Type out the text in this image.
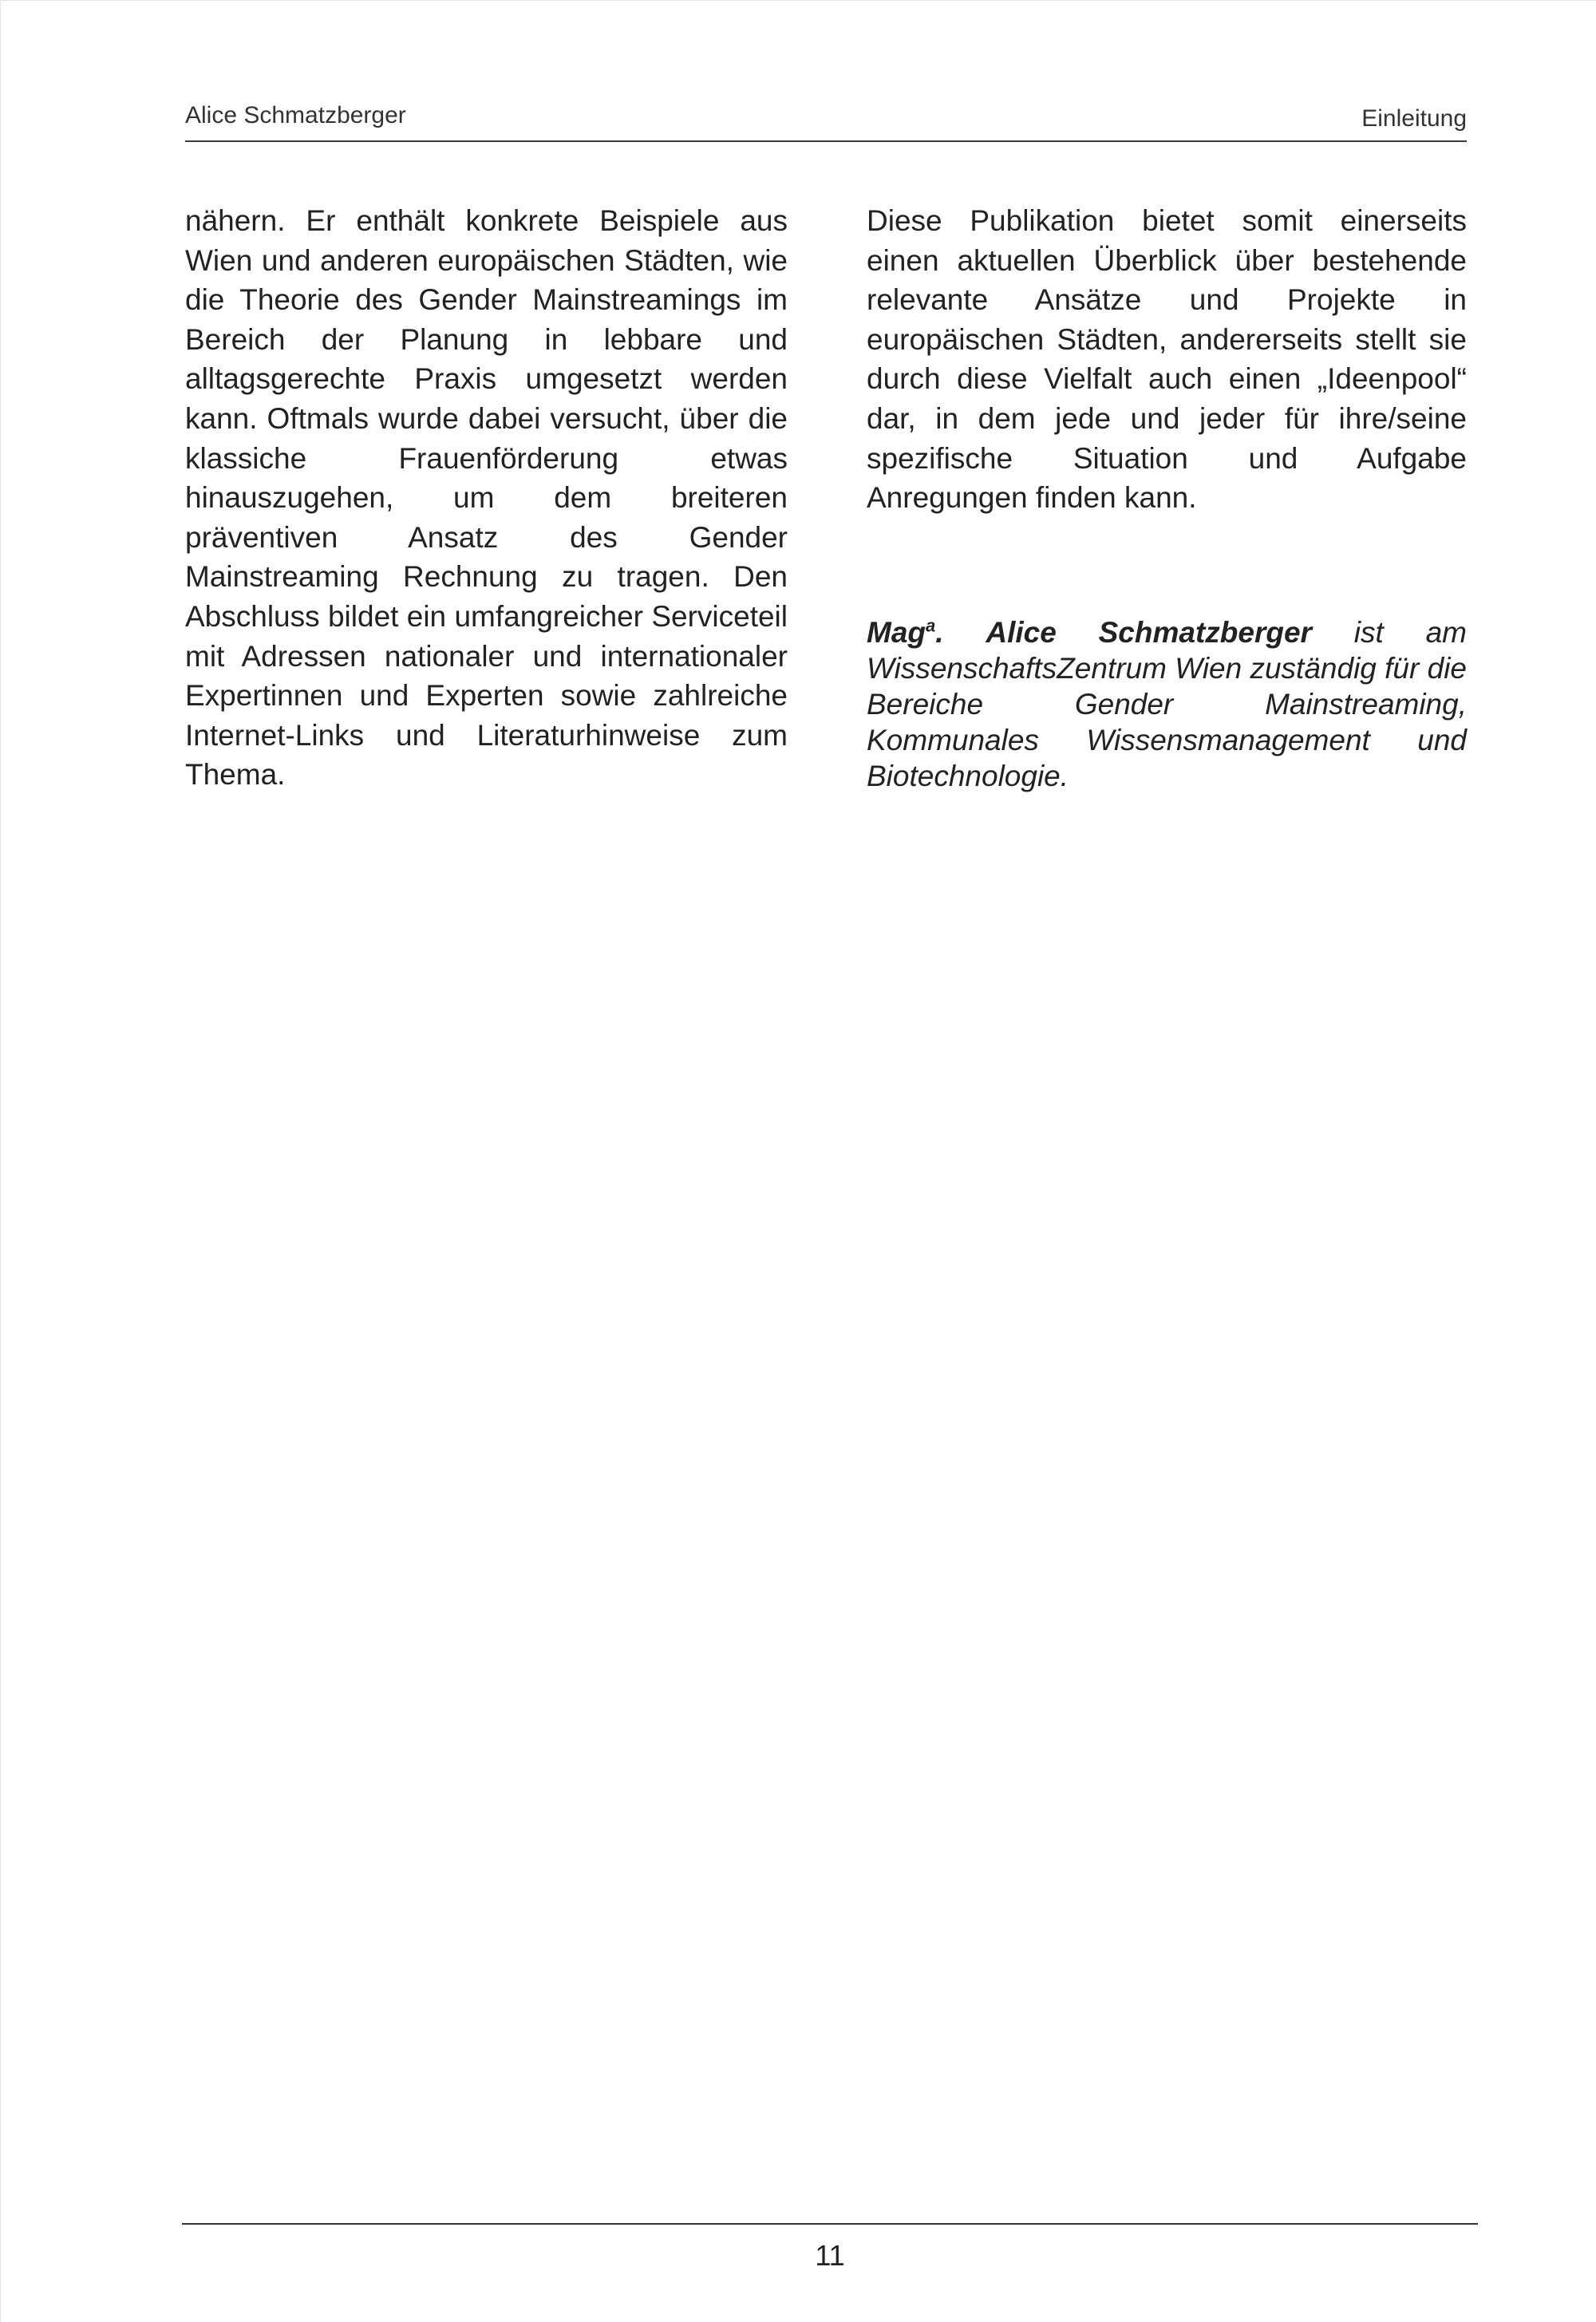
Alice Schmatzberger	Einleitung

nähern. Er enthält konkrete Beispiele aus Wien und anderen europäischen Städten, wie die Theorie des Gender Mainstreamings im Bereich der Planung in lebbare und alltagsgerechte Praxis umgesetzt werden kann. Oftmals wurde dabei versucht, über die klassiche Frauenförderung etwas hinauszugehen, um dem breiteren präventiven Ansatz des Gender Mainstreaming Rechnung zu tragen. Den Abschluss bildet ein umfangreicher Serviceteil mit Adressen nationaler und internationaler Expertinnen und Experten sowie zahlreiche Internet-Links und Literaturhinweise zum Thema.

Diese Publikation bietet somit einerseits einen aktuellen Überblick über bestehende relevante Ansätze und Projekte in europäischen Städten, andererseits stellt sie durch diese Vielfalt auch einen „Ideenpool“ dar, in dem jede und jeder für ihre/seine spezifische Situation und Aufgabe Anregungen finden kann.

Mag$^a$. Alice Schmatzberger ist am WissenschaftsZentrum Wien zuständig für die Bereiche Gender Mainstreaming, Kommunales Wissensmanagement und Biotechnologie.
11
